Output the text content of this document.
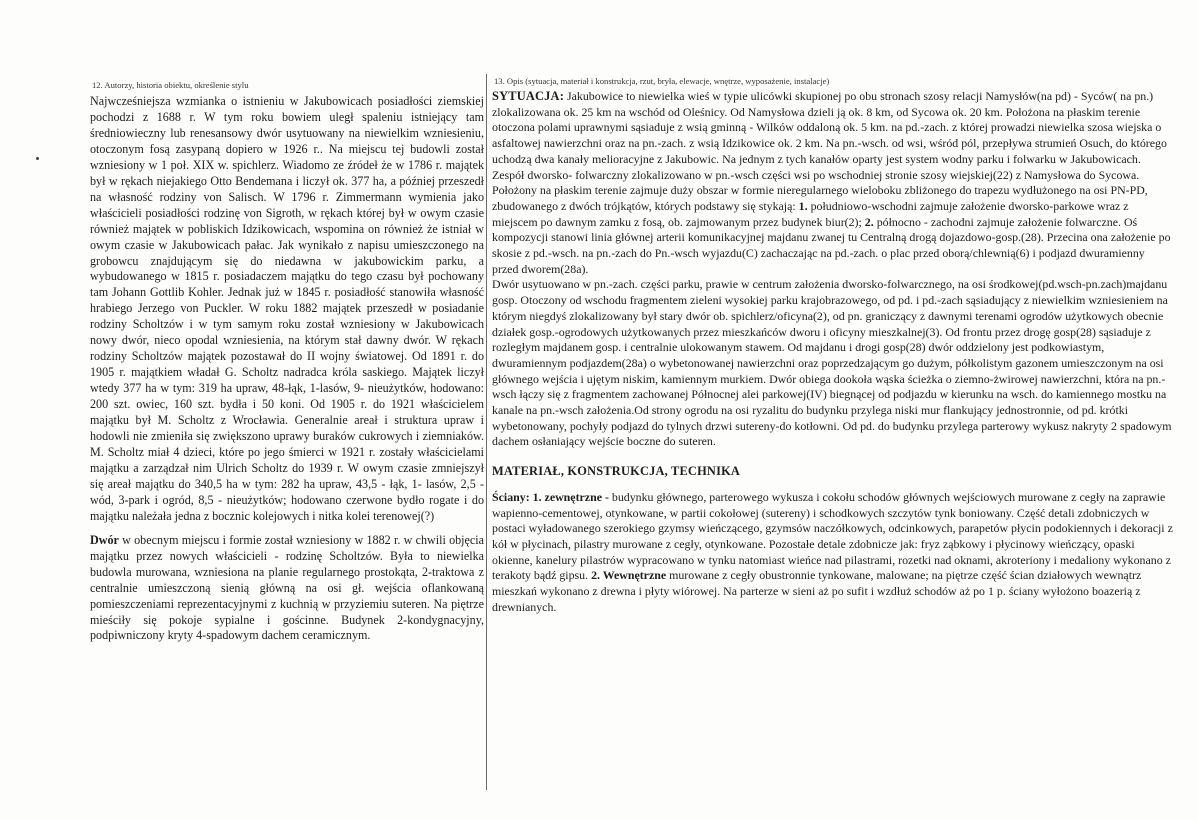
12. Autorzy, historia obiektu, określenie stylu

Najwcześniejsza wzmianka o istnieniu w Jakubowicach posiadłości ziemskiej pochodzi z 1688 r. W tym roku bowiem uległ spaleniu istniejący tam średniowieczny lub renesansowy dwór usytuowany na niewielkim wzniesieniu, otoczonym fosą zasypaną dopiero w 1926 r.. Na miejscu tej budowli został wzniesiony w 1 poł. XIX w. spichlerz. Wiadomo ze źródeł że w 1786 r. majątek był w rękach niejakiego Otto Bendemana i liczył ok. 377 ha, a później przeszedł na własność rodziny von Salisch. W 1796 r. Zimmermann wymienia jako właścicieli posiadłości rodzinę von Sigroth, w rękach której był w owym czasie również majątek w pobliskich Idzikowicach, wspomina on również że istniał w owym czasie w Jakubowicach pałac. Jak wynikało z napisu umieszczonego na grobowcu znajdującym się do niedawna w jakubowickim parku, a wybudowanego w 1815 r. posiadaczem majątku do tego czasu był pochowany tam Johann Gottlib Kohler. Jednak już w 1845 r. posiadłość stanowiła własność hrabiego Jerzego von Puckler. W roku 1882 majątek przeszedł w posiadanie rodziny Scholtzów i w tym samym roku został wzniesiony w Jakubowicach nowy dwór, nieco opodal wzniesienia, na którym stał dawny dwór. W rękach rodziny Scholtzów majątek pozostawał do II wojny światowej. Od 1891 r. do 1905 r. majątkiem władał G. Scholtz nadradca króla saskiego. Majątek liczył wtedy 377 ha w tym: 319 ha upraw, 48-łąk, 1-lasów, 9- nieużytków, hodowano: 200 szt. owiec, 160 szt. bydła i 50 koni. Od 1905 r. do 1921 właścicielem majątku był M. Scholtz z Wrocławia. Generalnie areał i struktura upraw i hodowli nie zmieniła się zwiększono uprawy buraków cukrowych i ziemniaków. M. Scholtz miał 4 dzieci, które po jego śmierci w 1921 r. zostały właścicielami majątku a zarządzał nim Ulrich Scholtz do 1939 r. W owym czasie zmniejszył się areał majątku do 340,5 ha w tym: 282 ha upraw, 43,5 - łąk, 1- lasów, 2,5 - wód, 3-park i ogród, 8,5 - nieużytków; hodowano czerwone bydło rogate i do majątku należała jedna z bocznic kolejowych i nitka kolei terenowej(?)

Dwór w obecnym miejscu i formie został wzniesiony w 1882 r. w chwili objęcia majątku przez nowych właścicieli - rodzinę Scholtzów. Była to niewielka budowla murowana, wzniesiona na planie regularnego prostokąta, 2-traktowa z centralnie umieszczoną sienią główną na osi gł. wejścia oflankowaną pomieszczeniami reprezentacyjnymi z kuchnią w przyziemiu suteren. Na piętrze mieściły się pokoje sypialne i gościnne. Budynek 2-kondygnacyjny, podpiwniczony kryty 4-spadowym dachem ceramicznym.

13. Opis (sytuacja, materiał i konstrukcja, rzut, bryła, elewacje, wnętrze, wyposażenie, instalacje)

SYTUACJA: Jakubowice to niewielka wieś w typie ulicówki skupionej po obu stronach szosy relacji Namysłów(na pd) - Syców( na pn.) zlokalizowana ok. 25 km na wschód od Oleśnicy. Od Namysłowa dzieli ją ok. 8 km, od Sycowa ok. 20 km. Położona na płaskim terenie otoczona polami uprawnymi sąsiaduje z wsią gminną - Wilków oddaloną ok. 5 km. na pd.-zach. z której prowadzi niewielka szosa wiejska o asfaltowej nawierzchni oraz na pn.-zach. z wsią Idzikowice ok. 2 km. Na pn.-wsch. od wsi, wśród pól, przepływa strumień Osuch, do którego uchodzą dwa kanały melioracyjne z Jakubowic. Na jednym z tych kanałów oparty jest system wodny parku i folwarku w Jakubowicach.

Zespół dworsko- folwarczny zlokalizowano w pn.-wsch części wsi po wschodniej stronie szosy wiejskiej(22) z Namysłowa do Sycowa. Położony na płaskim terenie zajmuje duży obszar w formie nieregularnego wieloboku zbliżonego do trapezu wydłużonego na osi PN-PD, zbudowanego z dwóch trójkątów, których podstawy się stykają: 1. południowo-wschodni zajmuje założenie dworsko-parkowe wraz z miejscem po dawnym zamku z fosą, ob. zajmowanym przez budynek biur(2); 2. północno - zachodni zajmuje założenie folwarczne. Oś kompozycji stanowi linia głównej arterii komunikacyjnej majdanu zwanej tu Centralną drogą dojazdowo-gosp.(28). Przecina ona założenie po skosie z pd.-wsch. na pn.-zach do Pn.-wsch wyjazdu(C) zachaczając na pd.-zach. o plac przed oborą/chlewnią(6) i podjazd dwuramienny przed dworem(28a).

Dwór usytuowano w pn.-zach. części parku, prawie w centrum założenia dworsko-folwarcznego, na osi środkowej(pd.wsch-pn.zach)majdanu gosp. Otoczony od wschodu fragmentem zieleni wysokiej parku krajobrazowego, od pd. i pd.-zach sąsiadujący z niewielkim wzniesieniem na którym niegdyś zlokalizowany był stary dwór ob. spichlerz/oficyna(2), od pn. graniczący z dawnymi terenami ogrodów użytkowych obecnie działek gosp.-ogrodowych użytkowanych przez mieszkańców dworu i oficyny mieszkalnej(3). Od frontu przez drogę gosp(28) sąsiaduje z rozległym majdanem gosp. i centralnie ulokowanym stawem. Od majdanu i drogi gosp(28) dwór oddzielony jest podkowiastym, dwuramiennym podjazdem(28a) o wybetonowanej nawierzchni oraz poprzedzającym go dużym, półkolistym gazonem umieszczonym na osi głównego wejścia i ujętym niskim, kamiennym murkiem. Dwór obiega dookoła wąska ścieżka o ziemno-żwirowej nawierzchni, która na pn.-wsch łączy się z fragmentem zachowanej Północnej alei parkowej(IV) biegnącej od podjazdu w kierunku na wsch. do kamiennego mostku na kanale na pn.-wsch założenia.Od strony ogrodu na osi ryzalitu do budynku przylega niski mur flankujący jednostronnie, od pd. krótki wybetonowany, pochyły podjazd do tylnych drzwi sutereny-do kotłowni. Od pd. do budynku przylega parterowy wykusz nakryty 2 spadowym dachem osłaniający wejście boczne do suteren.

MATERIAŁ, KONSTRUKCJA, TECHNIKA

Ściany: 1. zewnętrzne - budynku głównego, parterowego wykusza i cokołu schodów głównych wejściowych murowane z cegły na zaprawie wapienno-cementowej, otynkowane, w partii cokołowej (sutereny) i schodkowych szczytów tynk boniowany. Część detali zdobniczych w postaci wyładowanego szerokiego gzymsy wieńczącego, gzymsów naczółkowych, odcinkowych, parapetów płycin podokiennych i dekoracji z kół w płycinach, pilastry murowane z cegły, otynkowane. Pozostałe detale zdobnicze jak: fryz ząbkowy i płycinowy wieńczący, opaski okienne, kanelury pilastrów wypracowano w tynku natomiast wieńce nad pilastrami, rozetki nad oknami, akroteriony i medaliony wykonano z terakoty bądź gipsu. 2. Wewnętrzne murowane z cegły obustronnie tynkowane, malowane; na piętrze część ścian działowych wewnątrz mieszkań wykonano z drewna i płyty wiórowej. Na parterze w sieni aż po sufit i wzdłuż schodów aż po 1 p. ściany wyłożono boazerią z drewnianych.
